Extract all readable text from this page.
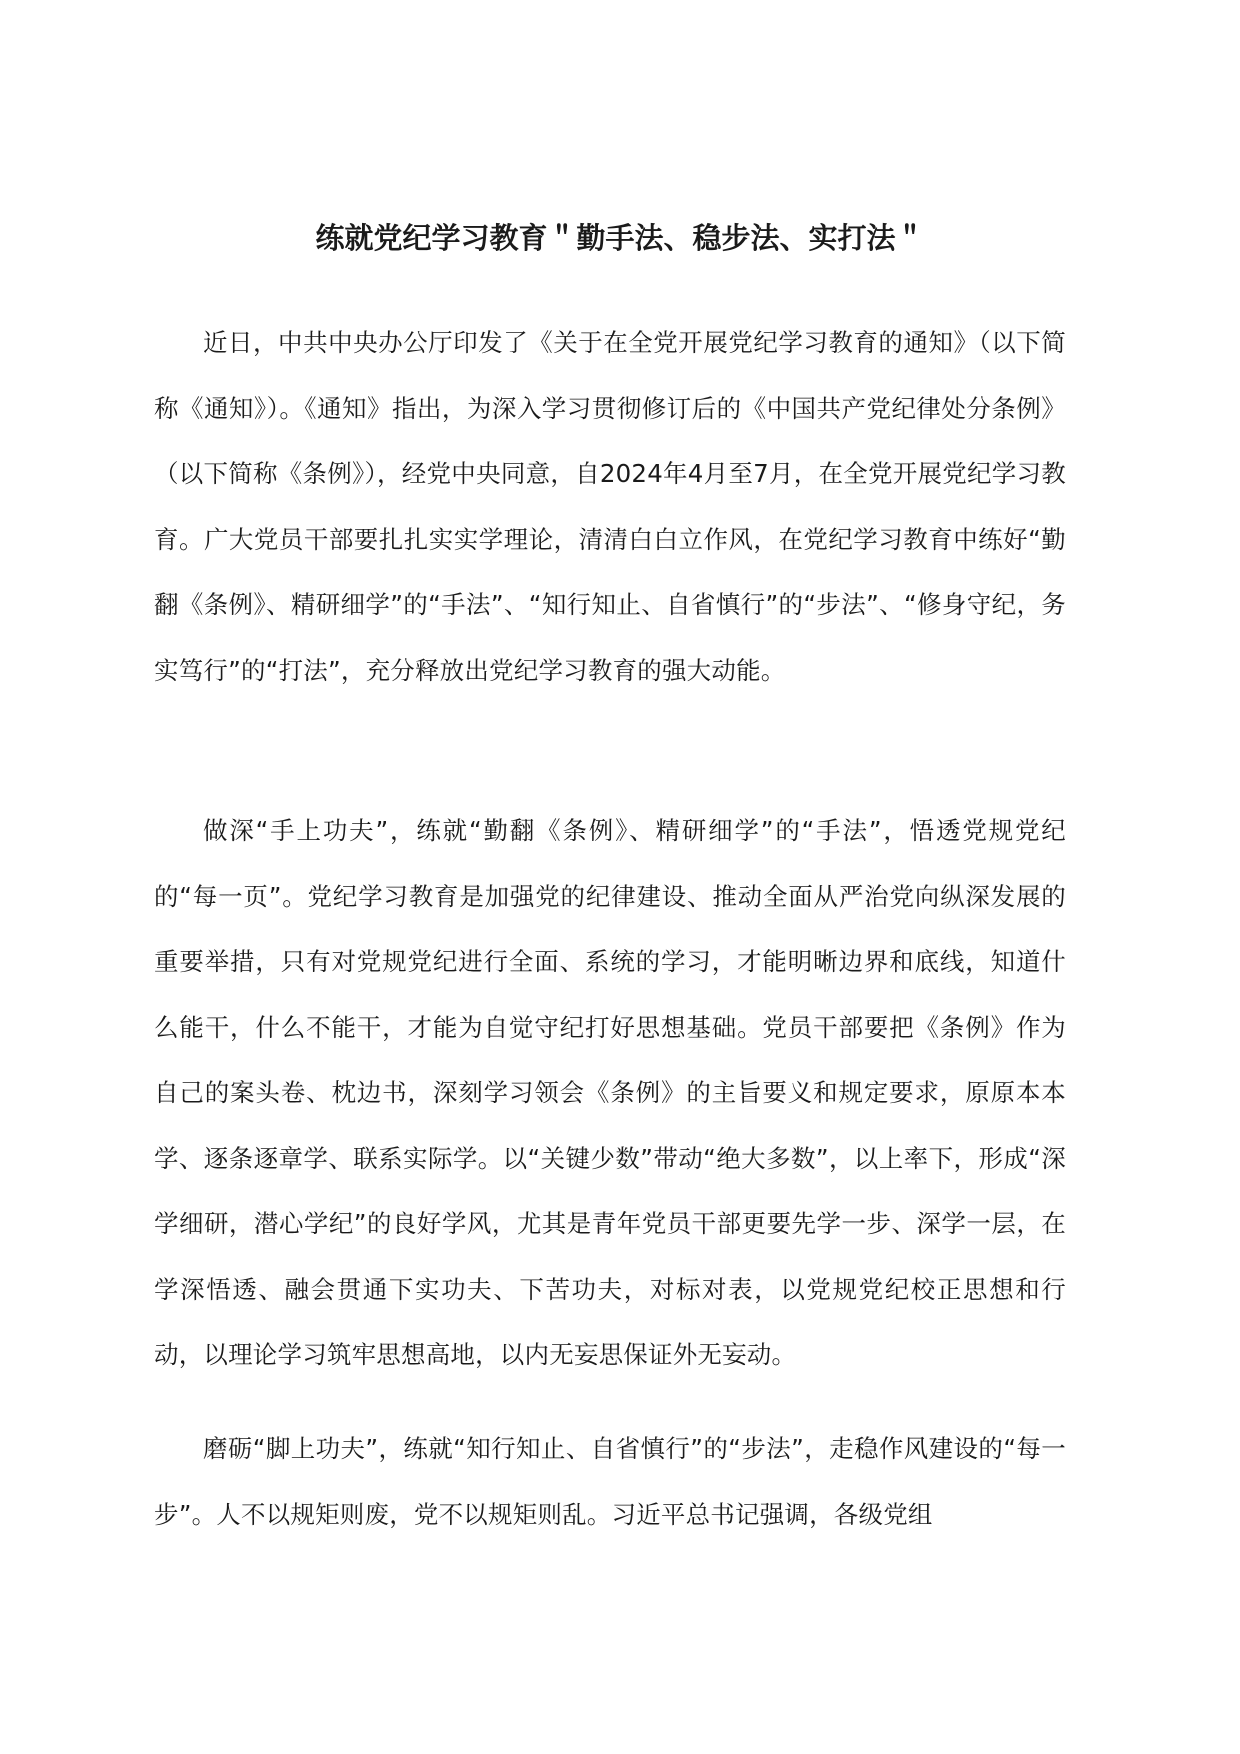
练就党纪学习教育＂勤手法、稳步法、实打法＂

近日，中共中央办公厅印发了《关于在全党开展党纪学习教育的通知》（以下简称《通知》）。《通知》指出，为深入学习贯彻修订后的《中国共产党纪律处分条例》（以下简称《条例》），经党中央同意，自2024年4月至7月，在全党开展党纪学习教育。广大党员干部要扎扎实实学理论，清清白白立作风，在党纪学习教育中练好“勤翻《条例》、精研细学”的“手法”、“知行知止、自省慎行”的“步法”、“修身守纪，务实笃行”的“打法”，充分释放出党纪学习教育的强大动能。

做深“手上功夫”，练就“勤翻《条例》、精研细学”的“手法”，悟透党规党纪的“每一页”。党纪学习教育是加强党的纪律建设、推动全面从严治党向纵深发展的重要举措，只有对党规党纪进行全面、系统的学习，才能明晰边界和底线，知道什么能干，什么不能干，才能为自觉守纪打好思想基础。党员干部要把《条例》作为自己的案头卷、枕边书，深刻学习领会《条例》的主旨要义和规定要求，原原本本学、逐条逐章学、联系实际学。以“关键少数”带动“绝大多数”，以上率下，形成“深学细研，潜心学纪”的良好学风，尤其是青年党员干部更要先学一步、深学一层，在学深悟透、融会贯通下实功夫、下苦功夫，对标对表，以党规党纪校正思想和行动，以理论学习筑牢思想高地，以内无妄思保证外无妄动。

磨砺“脚上功夫”，练就“知行知止、自省慎行”的“步法”，走稳作风建设的“每一步”。人不以规矩则废，党不以规矩则乱。习近平总书记强调，各级党组
